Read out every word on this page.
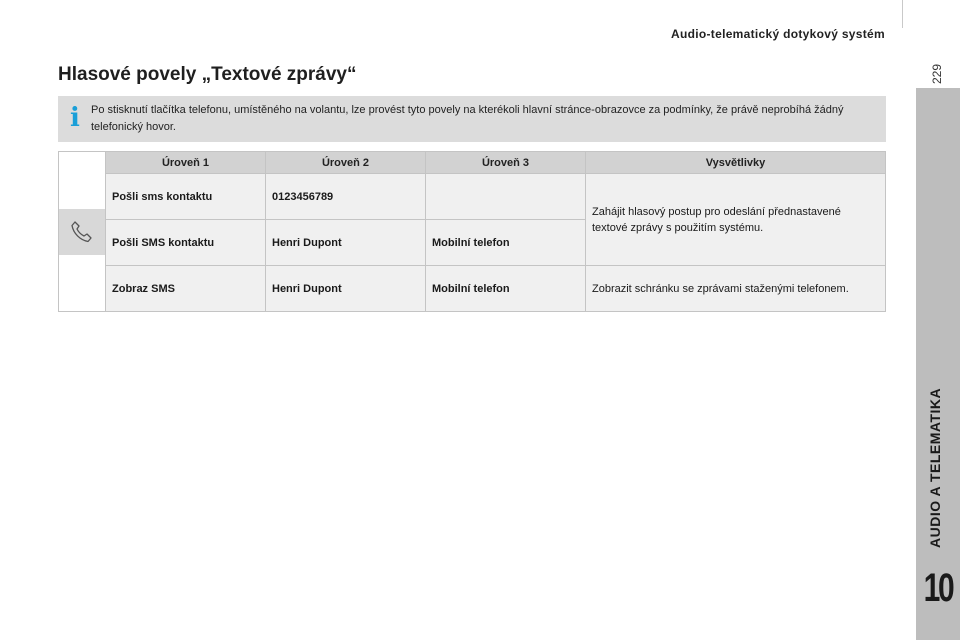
Audio-telematický dotykový systém
229
AUDIO A TELEMATIKA
10
Hlasové povely „Textové zprávy“
i Po stisknutí tlačítka telefonu, umístěného na volantu, lze provést tyto povely na kterékoli hlavní stránce-obrazovce za podmínky, že právě neprobíhá žádný telefonický hovor.
	Úroveň 1	Úroveň 2	Úroveň 3	Vysvětlivky
	Pošli sms kontaktu	0123456789		Zahájit hlasový postup pro odeslání přednastavené textové zprávy s použitím systému.
	Pošli SMS kontaktu	Henri Dupont	Mobilní telefon	
	Zobraz SMS	Henri Dupont	Mobilní telefon	Zobrazit schránku se zprávami staženými telefonem.
